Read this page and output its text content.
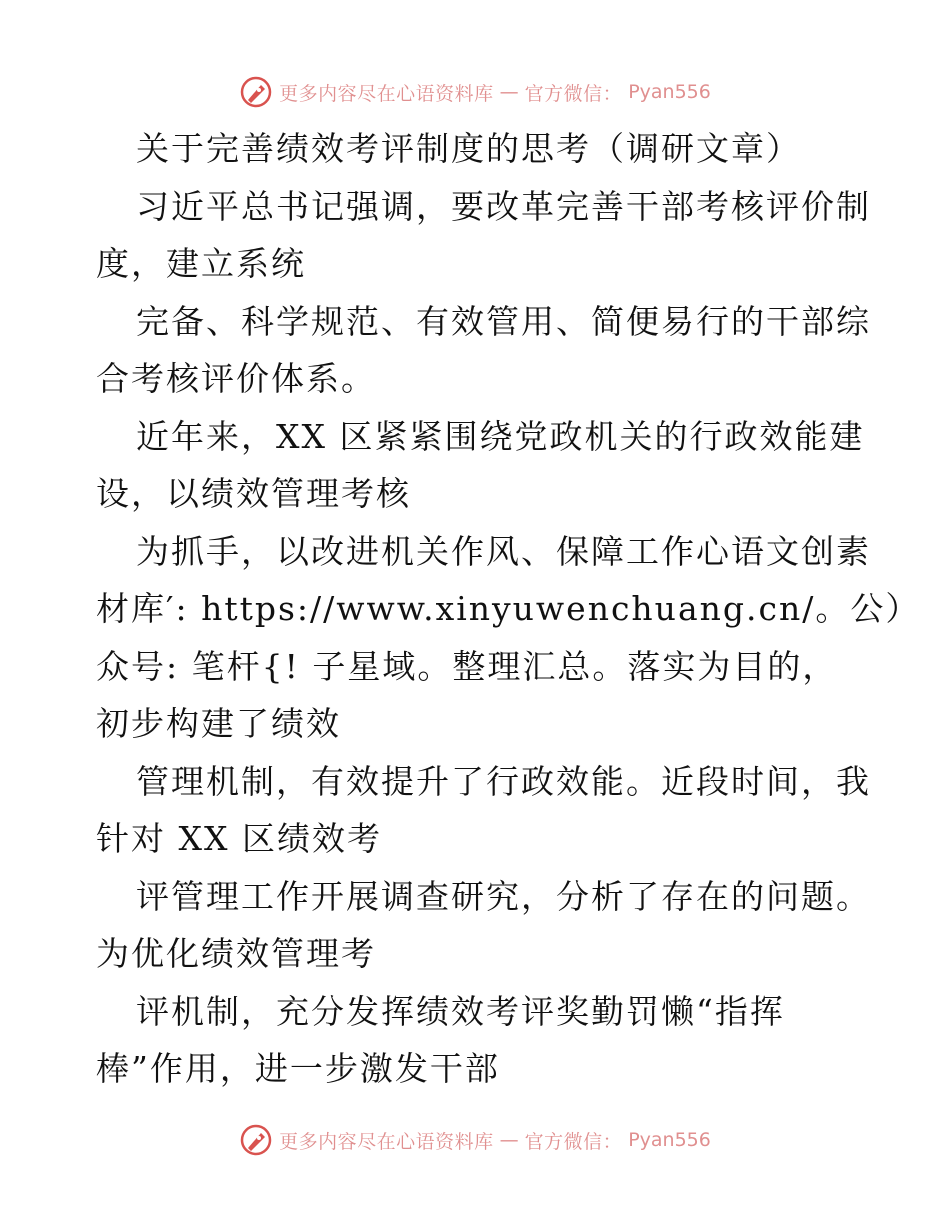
更多内容尽在心语资料库 — 官方微信： Pyan556
关于完善绩效考评制度的思考（调研文章）
习近平总书记强调，要改革完善干部考核评价制
度，建立系统
完备、科学规范、有效管用、简便易行的干部综
合考核评价体系。
近年来，XX 区紧紧围绕党政机关的行政效能建
设，以绩效管理考核
为抓手，以改进机关作风、保障工作心语文创素
材库′: https://www.xinyuwenchuang.cn/。公）
众号: 笔杆{! 子星域。整理汇总。落实为目的，
初步构建了绩效
管理机制，有效提升了行政效能。近段时间，我
针对 XX 区绩效考
评管理工作开展调查研究，分析了存在的问题。
为优化绩效管理考
评机制，充分发挥绩效考评奖勤罚懒“指挥
棒”作用，进一步激发干部
更多内容尽在心语资料库 — 官方微信： Pyan556
